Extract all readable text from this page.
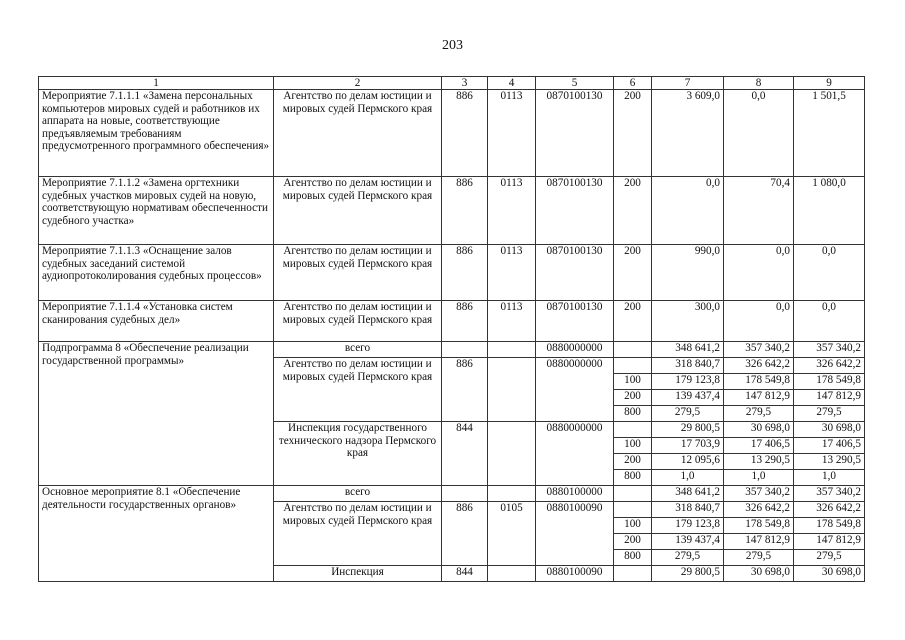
203
1	2	3	4	5	6	7	8	9
Мероприятие 7.1.1.1 «Замена персональных компьютеров мировых судей и работников их аппарата на новые, соответствующие предъявляемым требованиям предусмотренного программного обеспечения»	Агентство по делам юстиции и мировых судей Пермского края	886	0113	0870100130	200	3 609,0	0,0	1 501,5
Мероприятие 7.1.1.2 «Замена оргтехники судебных участков мировых судей на новую, соответствующую нормативам обеспеченности судебного участка»	Агентство по делам юстиции и мировых судей Пермского края	886	0113	0870100130	200	0,0	70,4	1 080,0
Мероприятие 7.1.1.3 «Оснащение залов судебных заседаний системой аудиопротоколирования судебных процессов»	Агентство по делам юстиции и мировых судей Пермского края	886	0113	0870100130	200	990,0	0,0	0,0
Мероприятие 7.1.1.4 «Установка систем сканирования судебных дел»	Агентство по делам юстиции и мировых судей Пермского края	886	0113	0870100130	200	300,0	0,0	0,0
Подпрограмма 8 «Обеспечение реализации государственной программы»	всего			0880000000		348 641,2	357 340,2	357 340,2
	Агентство по делам юстиции и мировых судей Пермского края	886		0880000000		318 840,7	326 642,2	326 642,2
					100	179 123,8	178 549,8	178 549,8
					200	139 437,4	147 812,9	147 812,9
					800	279,5	279,5	279,5
	Инспекция государственного технического надзора Пермского края	844		0880000000		29 800,5	30 698,0	30 698,0
					100	17 703,9	17 406,5	17 406,5
					200	12 095,6	13 290,5	13 290,5
					800	1,0	1,0	1,0
Основное мероприятие 8.1 «Обеспечение деятельности государственных органов»	всего			0880100000		348 641,2	357 340,2	357 340,2
	Агентство по делам юстиции и мировых судей Пермского края	886	0105	0880100090		318 840,7	326 642,2	326 642,2
					100	179 123,8	178 549,8	178 549,8
					200	139 437,4	147 812,9	147 812,9
					800	279,5	279,5	279,5
	Инспекция	844		0880100090		29 800,5	30 698,0	30 698,0
